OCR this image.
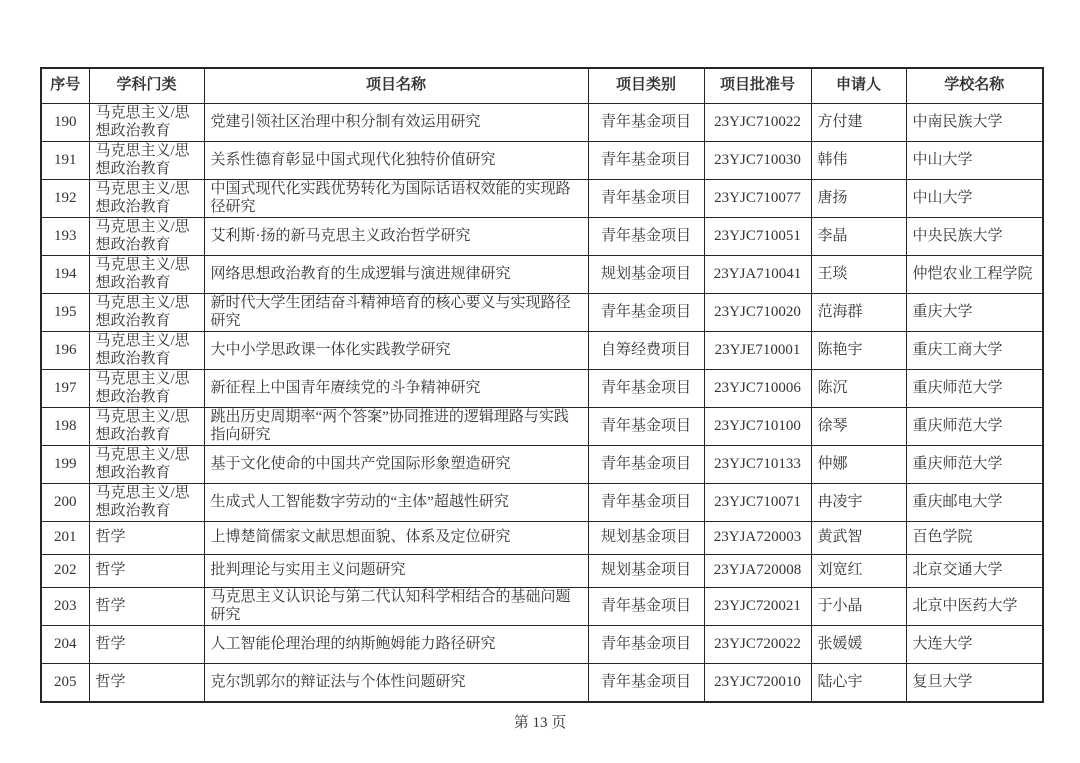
序号	学科门类	项目名称	项目类别	项目批准号	申请人	学校名称
190	马克思主义/思想政治教育	党建引领社区治理中积分制有效运用研究	青年基金项目	23YJC710022	方付建	中南民族大学
191	马克思主义/思想政治教育	关系性德育彰显中国式现代化独特价值研究	青年基金项目	23YJC710030	韩伟	中山大学
192	马克思主义/思想政治教育	中国式现代化实践优势转化为国际话语权效能的实现路径研究	青年基金项目	23YJC710077	唐扬	中山大学
193	马克思主义/思想政治教育	艾利斯·扬的新马克思主义政治哲学研究	青年基金项目	23YJC710051	李晶	中央民族大学
194	马克思主义/思想政治教育	网络思想政治教育的生成逻辑与演进规律研究	规划基金项目	23YJA710041	王琰	仲恺农业工程学院
195	马克思主义/思想政治教育	新时代大学生团结奋斗精神培育的核心要义与实现路径研究	青年基金项目	23YJC710020	范海群	重庆大学
196	马克思主义/思想政治教育	大中小学思政课一体化实践教学研究	自筹经费项目	23YJE710001	陈艳宇	重庆工商大学
197	马克思主义/思想政治教育	新征程上中国青年赓续党的斗争精神研究	青年基金项目	23YJC710006	陈沉	重庆师范大学
198	马克思主义/思想政治教育	跳出历史周期率“两个答案”协同推进的逻辑理路与实践指向研究	青年基金项目	23YJC710100	徐琴	重庆师范大学
199	马克思主义/思想政治教育	基于文化使命的中国共产党国际形象塑造研究	青年基金项目	23YJC710133	仲娜	重庆师范大学
200	马克思主义/思想政治教育	生成式人工智能数字劳动的“主体”超越性研究	青年基金项目	23YJC710071	冉凌宇	重庆邮电大学
201	哲学	上博楚简儒家文献思想面貌、体系及定位研究	规划基金项目	23YJA720003	黄武智	百色学院
202	哲学	批判理论与实用主义问题研究	规划基金项目	23YJA720008	刘宽红	北京交通大学
203	哲学	马克思主义认识论与第二代认知科学相结合的基础问题研究	青年基金项目	23YJC720021	于小晶	北京中医药大学
204	哲学	人工智能伦理治理的纳斯鲍姆能力路径研究	青年基金项目	23YJC720022	张媛媛	大连大学
205	哲学	克尔凯郭尔的辩证法与个体性问题研究	青年基金项目	23YJC720010	陆心宇	复旦大学
第 13 页
